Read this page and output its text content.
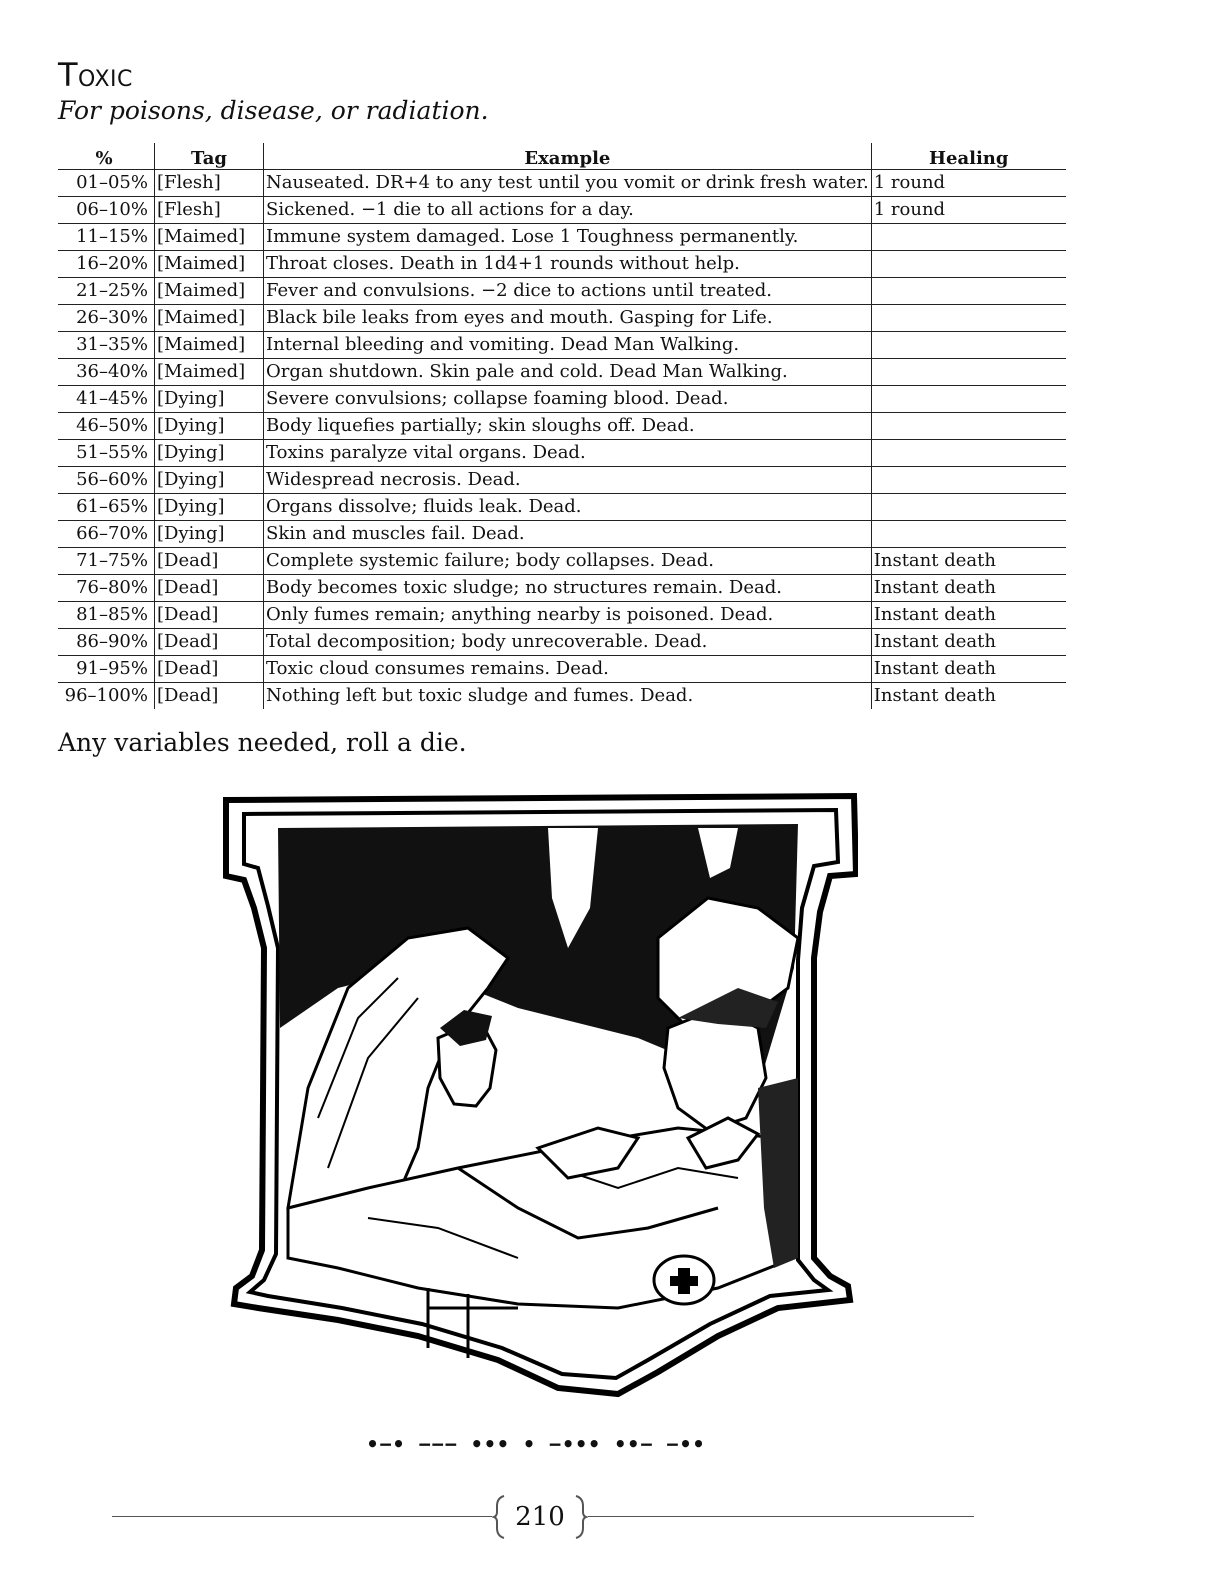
Toxic

For poisons, disease, or radiation.

%	Tag	Example	Healing
01–05%	[Flesh]	Nauseated. DR+4 to any test until you vomit or drink fresh water.	1 round
06–10%	[Flesh]	Sickened. −1 die to all actions for a day.	1 round
11–15%	[Maimed]	Immune system damaged. Lose 1 Toughness permanently.	
16–20%	[Maimed]	Throat closes. Death in 1d4+1 rounds without help.	
21–25%	[Maimed]	Fever and convulsions. −2 dice to actions until treated.	
26–30%	[Maimed]	Black bile leaks from eyes and mouth. Gasping for Life.	
31–35%	[Maimed]	Internal bleeding and vomiting. Dead Man Walking.	
36–40%	[Maimed]	Organ shutdown. Skin pale and cold. Dead Man Walking.	
41–45%	[Dying]	Severe convulsions; collapse foaming blood. Dead.	
46–50%	[Dying]	Body liquefies partially; skin sloughs off. Dead.	
51–55%	[Dying]	Toxins paralyze vital organs. Dead.	
56–60%	[Dying]	Widespread necrosis. Dead.	
61–65%	[Dying]	Organs dissolve; fluids leak. Dead.	
66–70%	[Dying]	Skin and muscles fail. Dead.	
71–75%	[Dead]	Complete systemic failure; body collapses. Dead.	Instant death
76–80%	[Dead]	Body becomes toxic sludge; no structures remain. Dead.	Instant death
81–85%	[Dead]	Only fumes remain; anything nearby is poisoned. Dead.	Instant death
86–90%	[Dead]	Total decomposition; body unrecoverable. Dead.	Instant death
91–95%	[Dead]	Toxic cloud consumes remains. Dead.	Instant death
96–100%	[Dead]	Nothing left but toxic sludge and fumes. Dead.	Instant death

Any variables needed, roll a die.

•−• −−− ••• • −••• ••− −••
210
